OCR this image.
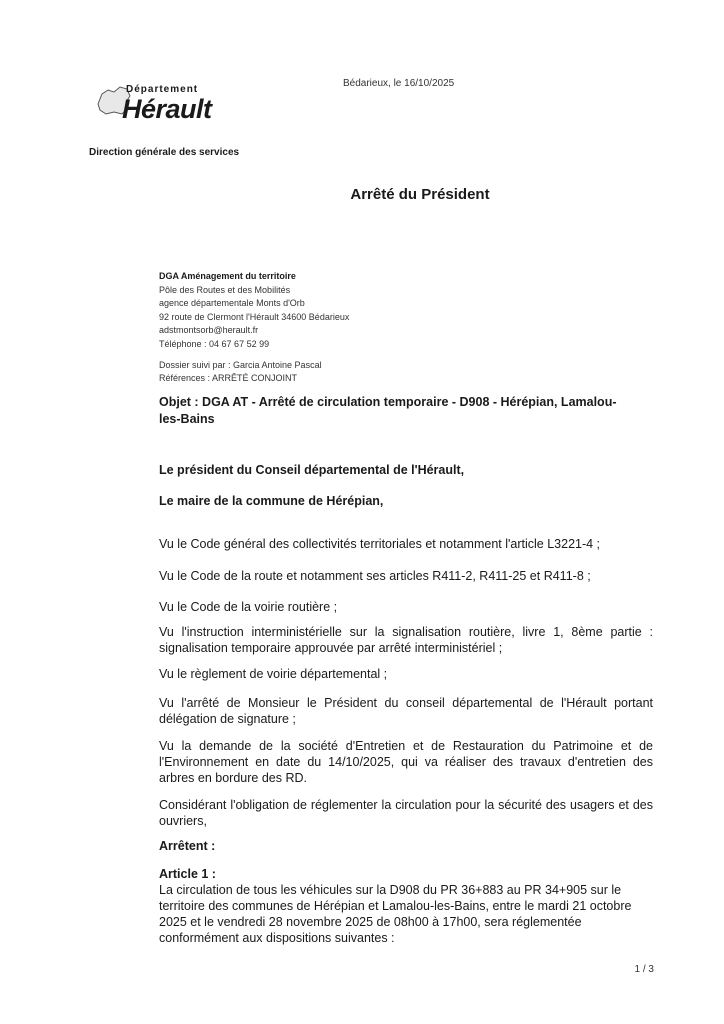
Département
Hérault
Direction générale des services
Bédarieux, le 16/10/2025
Arrêté du Président
DGA Aménagement du territoire
Pôle des Routes et des Mobilités
agence départementale Monts d'Orb
92 route de Clermont l'Hérault 34600 Bédarieux
adstmontsorb@herault.fr
Téléphone : 04 67 67 52 99
Dossier suivi par : Garcia Antoine Pascal
Références : ARRÊTÉ CONJOINT
Objet : DGA AT - Arrêté de circulation temporaire - D908 - Hérépian, Lamalou-les-Bains
Le président du Conseil départemental de l'Hérault,
Le maire de la commune de Hérépian,
Vu le Code général des collectivités territoriales et notamment l'article L3221-4 ;
Vu le Code de la route et notamment ses articles R411-2, R411-25 et R411-8 ;
Vu le Code de la voirie routière ;
Vu l'instruction interministérielle sur la signalisation routière, livre 1, 8ème partie : signalisation temporaire approuvée par arrêté interministériel ;
Vu le règlement de voirie départemental ;
Vu l'arrêté de Monsieur le Président du conseil départemental de l'Hérault portant délégation de signature ;
Vu la demande de la société d'Entretien et de Restauration du Patrimoine et de l'Environnement en date du 14/10/2025, qui va réaliser des travaux d'entretien des arbres en bordure des RD.
Considérant l'obligation de réglementer la circulation pour la sécurité des usagers et des ouvriers,
Arrêtent :
Article 1 :
La circulation de tous les véhicules sur la D908 du PR 36+883 au PR 34+905 sur le territoire des communes de Hérépian et Lamalou-les-Bains, entre le mardi 21 octobre 2025 et le vendredi 28 novembre 2025 de 08h00 à 17h00, sera réglementée conformément aux dispositions suivantes :
1 / 3
